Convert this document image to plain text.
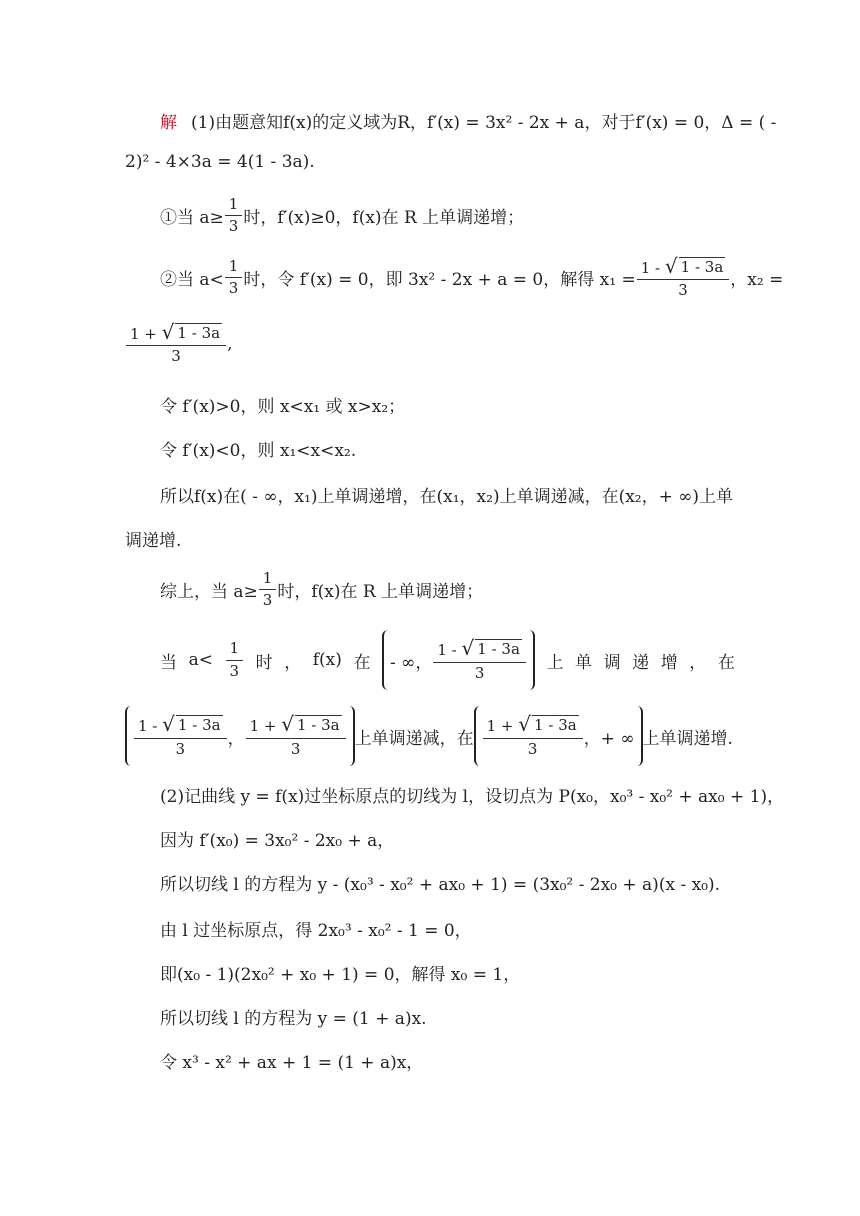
解 (1)由题意知f(x)的定义域为R，f′(x) = 3x² - 2x + a，对于f′(x) = 0，Δ = ( -
2)² - 4×3a = 4(1 - 3a).
①当 $a\ge \frac{1}{3}$ 时，f′(x)≥0，f(x)在 R 上单调递增；
②当 $a< \frac{1}{3}$ 时，令 f′(x) = 0，即 3x² - 2x + a = 0，解得 $x_1 = \frac{1 - √ 1 - 3a}{3}$ ，x₂ =
$\frac{1 + √ 1 - 3a}{3}$ ,
令 f′(x)>0，则 x<x₁ 或 x>x₂；
令 f′(x)<0，则 x₁<x<x₂.
所以f(x)在( - ∞，x₁)上单调递增，在(x₁，x₂)上单调递减，在(x₂，+ ∞)上单
调递增.
综上，当 $a\ge \frac{1}{3}$ 时，f(x)在 R 上单调递增；
当 $a< \frac{1}{3}$ 时 ， f(x) 在 - ∞， $\frac{1 - √ 1 - 3a}{3}$ 上 单 调 递 增 ， 在
$\frac{1 - √ 1 - 3a}{3}$ ， $\frac{1 + √ 1 - 3a}{3}$ 上单调递减，在 $\frac{1 + √ 1 - 3a}{3}$ ，+ ∞ 上单调递增.
(2)记曲线 y = f(x)过坐标原点的切线为 l，设切点为 P(x₀，x₀³ - x₀² + ax₀ + 1)，
因为 f′(x₀) = 3x₀² - 2x₀ + a，
所以切线 l 的方程为 y - (x₀³ - x₀² + ax₀ + 1) = (3x₀² - 2x₀ + a)(x - x₀).
由 l 过坐标原点，得 2x₀³ - x₀² - 1 = 0，
即(x₀ - 1)(2x₀² + x₀ + 1) = 0，解得 x₀ = 1，
所以切线 l 的方程为 y = (1 + a)x.
令 x³ - x² + ax + 1 = (1 + a)x，
